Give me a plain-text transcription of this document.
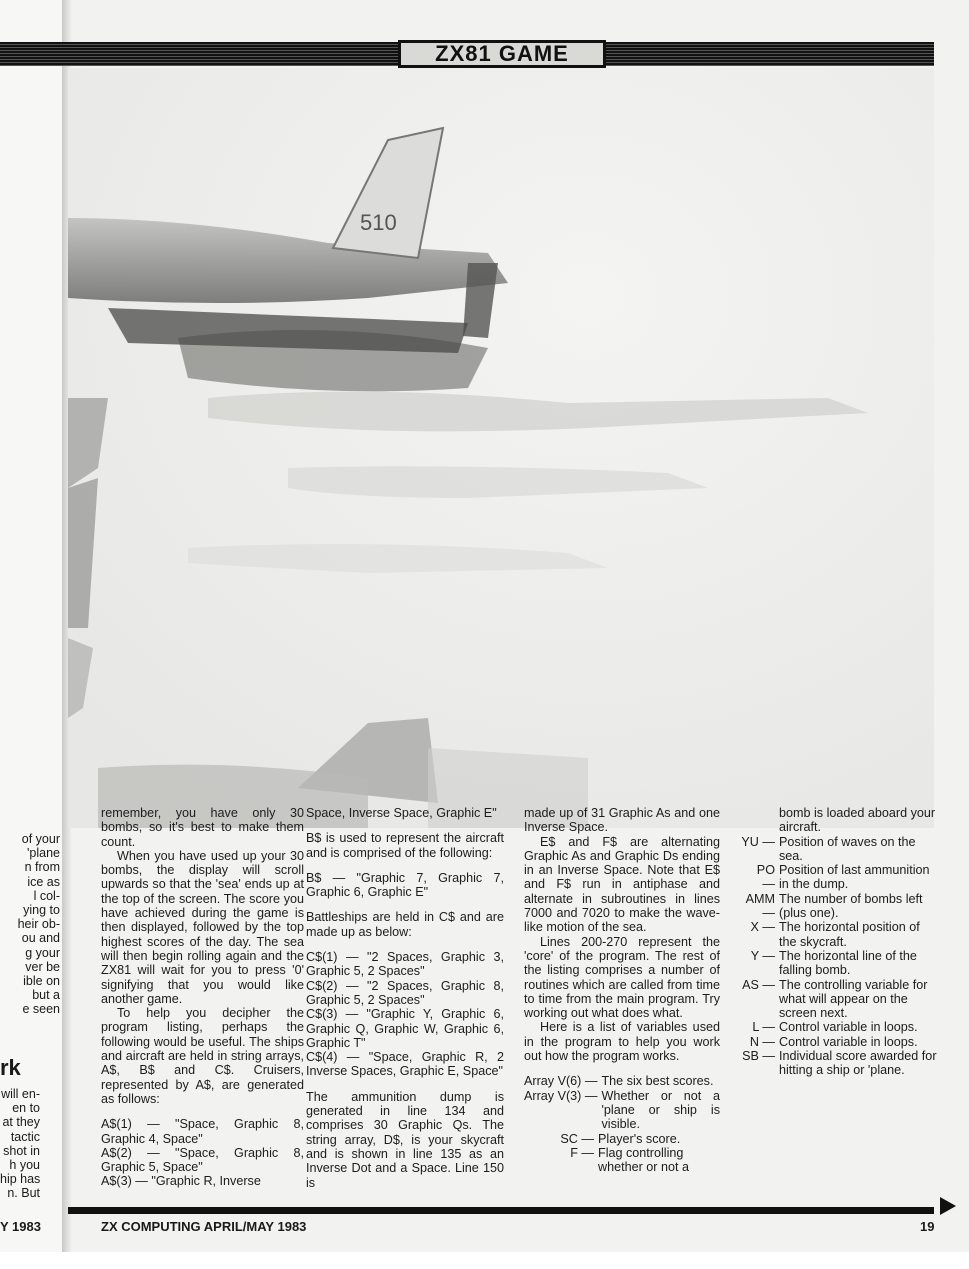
of your
'plane
n from
ice as
l col-
ying to
heir ob-
ou and
g your
ver be
ible on
but a
e seen
rk
will en-
en to
at they
tactic
shot in
h you
hip has
n. But
Y 1983
ZX81 GAME
510

remember, you have only 30 bombs, so it's best to make them count.

When you have used up your 30 bombs, the display will scroll upwards so that the 'sea' ends up at the top of the screen. The score you have achieved during the game is then displayed, followed by the top highest scores of the day. The sea will then begin rolling again and the ZX81 will wait for you to press '0' signifying that you would like another game.

To help you decipher the program listing, perhaps the following would be useful. The ships and aircraft are held in string arrays, A$, B$ and C$. Cruisers, represented by A$, are generated as follows:

A$(1) — "Space, Graphic 8, Graphic 4, Space"

A$(2) — "Space, Graphic 8, Graphic 5, Space"

A$(3) — "Graphic R, Inverse

Space, Inverse Space, Graphic E"

B$ is used to represent the aircraft and is comprised of the following:

B$ — "Graphic 7, Graphic 7, Graphic 6, Graphic E"

Battleships are held in C$ and are made up as below:

C$(1) — "2 Spaces, Graphic 3, Graphic 5, 2 Spaces"

C$(2) — "2 Spaces, Graphic 8, Graphic 5, 2 Spaces"

C$(3) — "Graphic Y, Graphic 6, Graphic Q, Graphic W, Graphic 6, Graphic T"

C$(4) — "Space, Graphic R, 2 Inverse Spaces, Graphic E, Space"

The ammunition dump is generated in line 134 and comprises 30 Graphic Qs. The string array, D$, is your skycraft and is shown in line 135 as an Inverse Dot and a Space. Line 150 is

made up of 31 Graphic As and one Inverse Space.

E$ and F$ are alternating Graphic As and Graphic Ds ending in an Inverse Space. Note that E$ and F$ run in antiphase and alternate in subroutines in lines 7000 and 7020 to make the wave-like motion of the sea.

Lines 200-270 represent the 'core' of the program. The rest of the listing comprises a number of routines which are called from time to time from the main program. Try working out what does what.

Here is a list of variables used in the program to help you work out how the program works.

Array V(6) — The six best scores.
Array V(3) — Whether or not a 'plane or ship is visible.
SC — Player's score.
F — Flag controlling whether or not a

bomb is loaded aboard your aircraft.

YU — Position of waves on the sea.
PO —
Position of last ammunition in the dump.
AMM —
The number of bombs left (plus one).
X — The horizontal position of the skycraft.
Y — The horizontal line of the falling bomb.
AS — The controlling variable for what will appear on the screen next.
L — Control variable in loops.
N — Control variable in loops.
SB — Individual score awarded for hitting a ship or 'plane.
ZX COMPUTING APRIL/MAY 1983	19
